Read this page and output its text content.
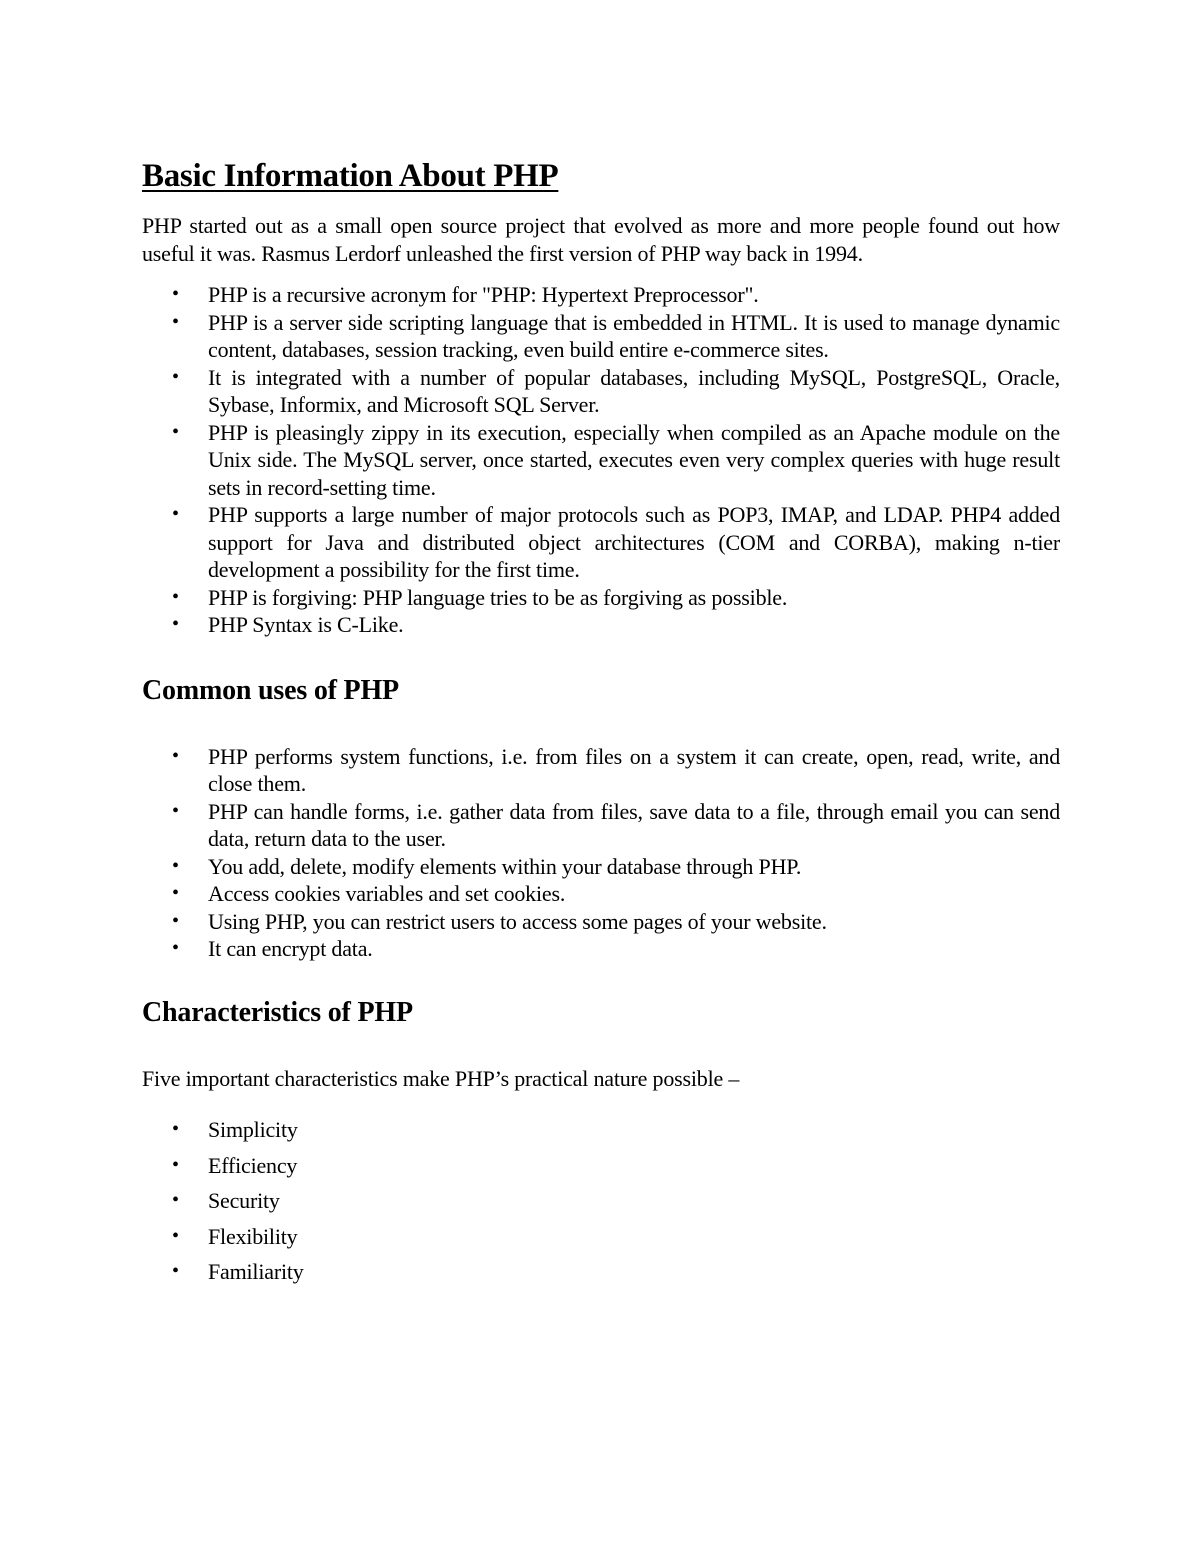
Basic Information About PHP

PHP started out as a small open source project that evolved as more and more people found out how useful it was. Rasmus Lerdorf unleashed the first version of PHP way back in 1994.

• PHP is a recursive acronym for "PHP: Hypertext Preprocessor".
• PHP is a server side scripting language that is embedded in HTML. It is used to manage dynamic content, databases, session tracking, even build entire e-commerce sites.
• It is integrated with a number of popular databases, including MySQL, PostgreSQL, Oracle, Sybase, Informix, and Microsoft SQL Server.
• PHP is pleasingly zippy in its execution, especially when compiled as an Apache module on the Unix side. The MySQL server, once started, executes even very complex queries with huge result sets in record-setting time.
• PHP supports a large number of major protocols such as POP3, IMAP, and LDAP. PHP4 added support for Java and distributed object architectures (COM and CORBA), making n-tier development a possibility for the first time.
• PHP is forgiving: PHP language tries to be as forgiving as possible.
• PHP Syntax is C-Like.
Common uses of PHP
• PHP performs system functions, i.e. from files on a system it can create, open, read, write, and close them.
• PHP can handle forms, i.e. gather data from files, save data to a file, through email you can send data, return data to the user.
• You add, delete, modify elements within your database through PHP.
• Access cookies variables and set cookies.
• Using PHP, you can restrict users to access some pages of your website.
• It can encrypt data.
Characteristics of PHP

Five important characteristics make PHP’s practical nature possible –

• Simplicity
• Efficiency
• Security
• Flexibility
• Familiarity
